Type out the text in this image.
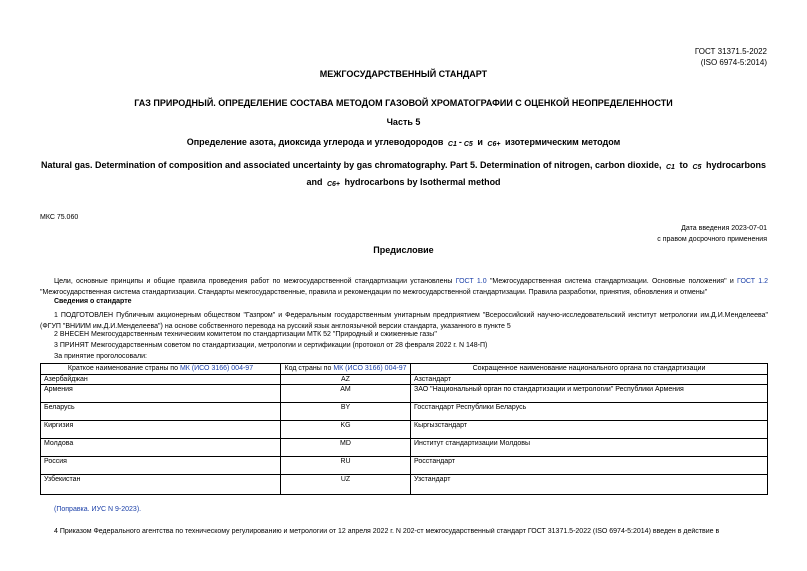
ГОСТ 31371.5-2022
(ISO 6974-5:2014)
МЕЖГОСУДАРСТВЕННЫЙ СТАНДАРТ
ГАЗ ПРИРОДНЫЙ. ОПРЕДЕЛЕНИЕ СОСТАВА МЕТОДОМ ГАЗОВОЙ ХРОМАТОГРАФИИ С ОЦЕНКОЙ НЕОПРЕДЕЛЕННОСТИ
Часть 5
Определение азота, диоксида углерода и углеводородов C1 - C5 и C6+ изотермическим методом
Natural gas. Determination of composition and associated uncertainty by gas chromatography. Part 5. Determination of nitrogen, carbon dioxide, C1 to C5 hydrocarbons
and C6+ hydrocarbons by Isothermal method
МКС 75.060
Дата введения 2023-07-01
с правом досрочного применения
Предисловие
Цели, основные принципы и общие правила проведения работ по межгосударственной стандартизации установлены ГОСТ 1.0 "Межгосударственная система стандартизации. Основные положения" и ГОСТ 1.2 "Межгосударственная система стандартизации. Стандарты межгосударственные, правила и рекомендации по межгосударственной стандартизации. Правила разработки, принятия, обновления и отмены"
Сведения о стандарте
1 ПОДГОТОВЛЕН Публичным акционерным обществом "Газпром" и Федеральным государственным унитарным предприятием "Всероссийский научно-исследовательский институт метрологии им.Д.И.Менделеева" (ФГУП "ВНИИМ им.Д.И.Менделеева") на основе собственного перевода на русский язык англоязычной версии стандарта, указанного в пункте 5
2 ВНЕСЕН Межгосударственным техническим комитетом по стандартизации МТК 52 "Природный и сжиженные газы"
3 ПРИНЯТ Межгосударственным советом по стандартизации, метрологии и сертификации (протокол от 28 февраля 2022 г. N 148-П)
За принятие проголосовали:
Краткое наименование страны по МК (ИСО 3166) 004-97	Код страны по МК (ИСО 3166) 004-97	Сокращенное наименование национального органа по стандартизации
Азербайджан	AZ	Азстандарт
Армения	AM	ЗАО "Национальный орган по стандартизации и метрологии" Республики Армения
Беларусь	BY	Госстандарт Республики Беларусь
Киргизия	KG	Кыргызстандарт
Молдова	MD	Институт стандартизации Молдовы
Россия	RU	Росстандарт
Узбекистан	UZ	Узстандарт
(Поправка. ИУС N 9-2023).
4 Приказом Федерального агентства по техническому регулированию и метрологии от 12 апреля 2022 г. N 202-ст межгосударственный стандарт ГОСТ 31371.5-2022 (ISO 6974-5:2014) введен в действие в
